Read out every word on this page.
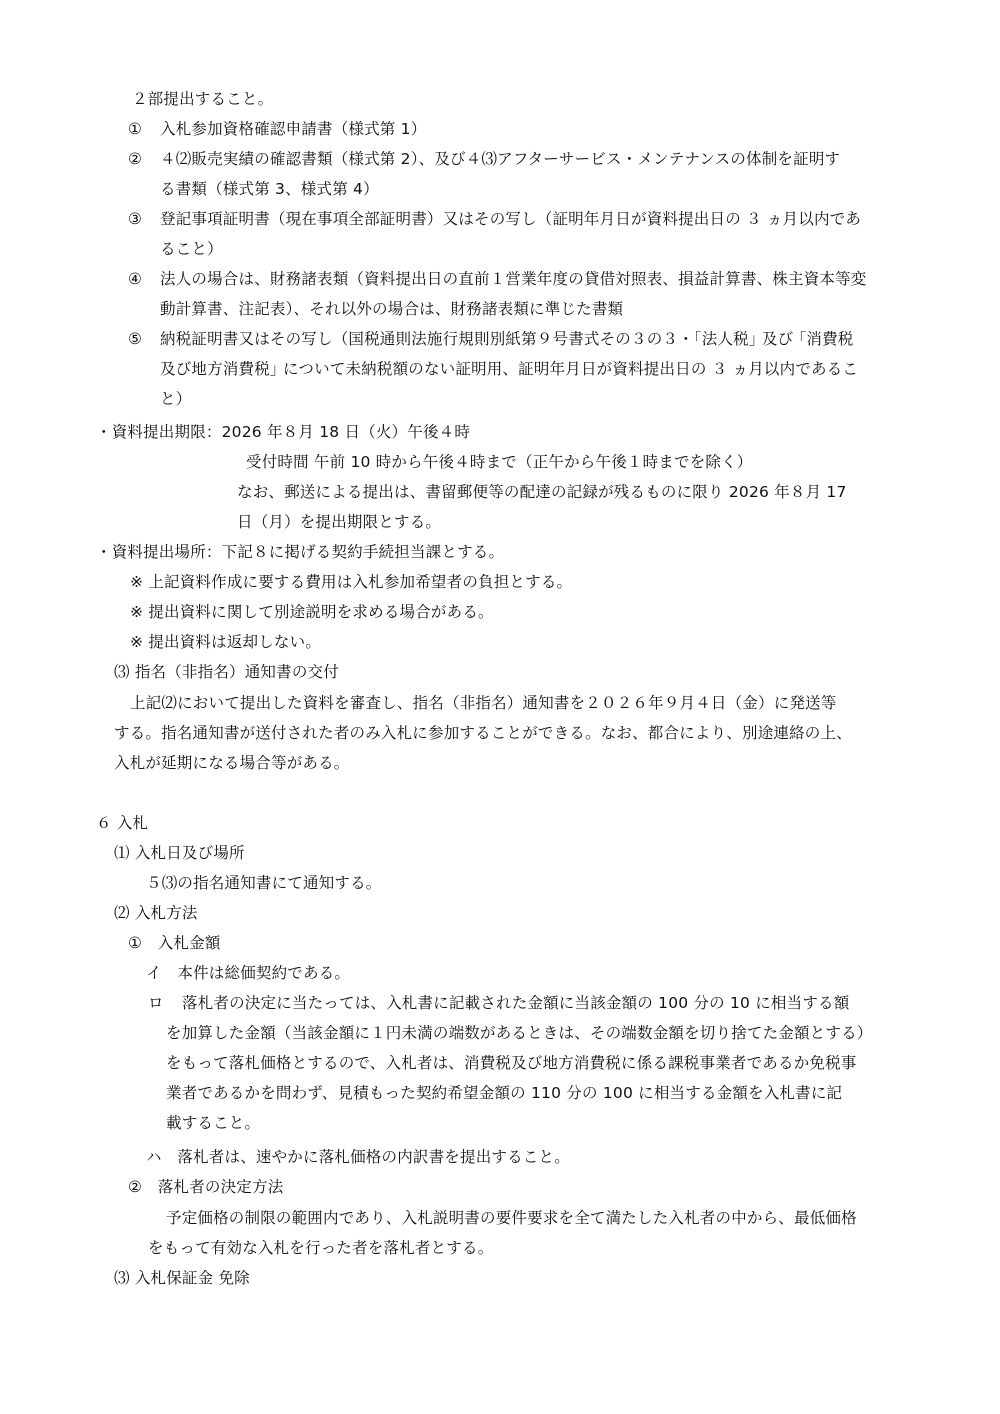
２部提出すること。
① 入札参加資格確認申請書（様式第 1）
② ４⑵販売実績の確認書類（様式第 2）、及び４⑶アフターサービス・メンテナンスの体制を証明す
る書類（様式第 3、様式第 4）
③ 登記事項証明書（現在事項全部証明書）又はその写し（証明年月日が資料提出日の ３ ヵ月以内であ
ること）
④ 法人の場合は、財務諸表類（資料提出日の直前１営業年度の貸借対照表、損益計算書、株主資本等変
動計算書、注記表）、それ以外の場合は、財務諸表類に準じた書類
⑤ 納税証明書又はその写し（国税通則法施行規則別紙第９号書式その３の３・｢法人税｣ 及び ｢消費税
及び地方消費税｣ について未納税額のない証明用、証明年月日が資料提出日の ３ ヵ月以内であるこ
と）
・資料提出期限：2026 年８月 18 日（火）午後４時
受付時間 午前 10 時から午後４時まで（正午から午後１時までを除く）
なお、郵送による提出は、書留郵便等の配達の記録が残るものに限り 2026 年８月 17
日（月）を提出期限とする。
・資料提出場所：下記８に掲げる契約手続担当課とする。
※ 上記資料作成に要する費用は入札参加希望者の負担とする。
※ 提出資料に関して別途説明を求める場合がある。
※ 提出資料は返却しない。
⑶ 指名（非指名）通知書の交付
上記⑵において提出した資料を審査し、指名（非指名）通知書を２０２６年９月４日（金）に発送等
する。指名通知書が送付された者のみ入札に参加することができる。なお、都合により、別途連絡の上、
入札が延期になる場合等がある。
６ 入札
⑴ 入札日及び場所
５⑶の指名通知書にて通知する。
⑵ 入札方法
①　入札金額
イ　本件は総価契約である。
ロ 落札者の決定に当たっては、入札書に記載された金額に当該金額の 100 分の 10 に相当する額
を加算した金額（当該金額に１円未満の端数があるときは、その端数金額を切り捨てた金額とする）
をもって落札価格とするので、入札者は、消費税及び地方消費税に係る課税事業者であるか免税事
業者であるかを問わず、見積もった契約希望金額の 110 分の 100 に相当する金額を入札書に記
載すること。
ハ　落札者は、速やかに落札価格の内訳書を提出すること。
②　落札者の決定方法
予定価格の制限の範囲内であり、入札説明書の要件要求を全て満たした入札者の中から、最低価格
をもって有効な入札を行った者を落札者とする。
⑶ 入札保証金 免除
